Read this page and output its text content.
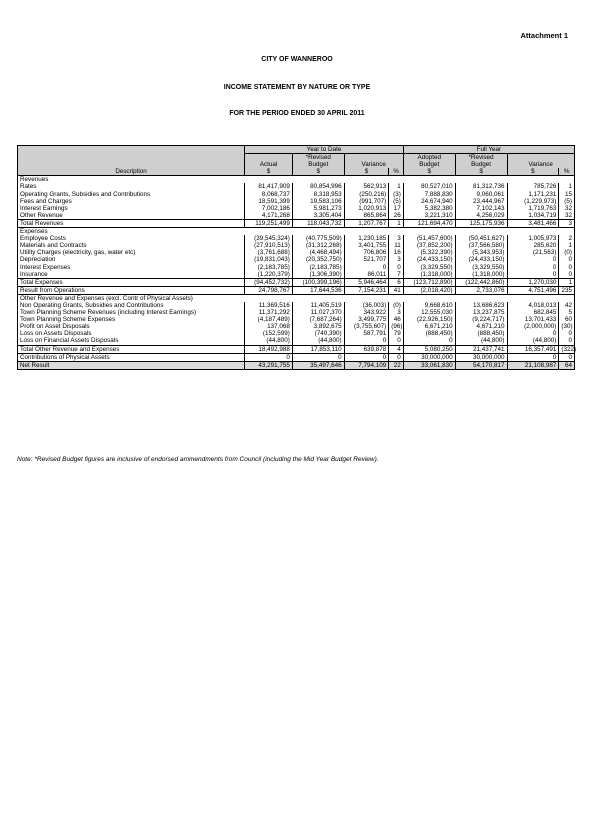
Attachment 1
CITY OF WANNEROO
INCOME STATEMENT BY NATURE OR TYPE
FOR THE PERIOD ENDED 30 APRIL 2011
Description	Year to Date				Full Year			
		*Revised			Adopted	*Revised		
	Actual	Budget	Variance		Budget	Budget	Variance	
	$	$	$	%	$	$	$	%
Revenues								
Rates	81,417,909	80,854,996	562,913	1	80,527,010	81,312,736	785,726	1
Operating Grants, Subsidies and Contributions	8,068,737	8,318,953	(250,216)	(3)	7,888,830	9,060,061	1,171,231	15
Fees and Charges	18,591,399	19,583,106	(991,707)	(5)	24,674,940	23,444,967	(1,229,973)	(5)
Interest Earnings	7,002,186	5,981,273	1,020,913	17	5,382,380	7,102,143	1,719,763	32
Other Revenue	4,171,268	3,305,404	865,864	26	3,221,310	4,256,029	1,034,719	32
Total Revenues	119,251,499	118,043,732	1,207,767	1	121,694,470	125,175,936	3,481,466	3
Expenses								
Employee Costs	(39,545,324)	(40,775,509)	1,230,185	3	(51,457,600)	(50,451,627)	1,005,973	2
Materials and Contracts	(27,910,513)	(31,312,268)	3,401,755	11	(37,852,200)	(37,566,580)	285,620	1
Utility Charges (electricity, gas, water etc)	(3,761,688)	(4,468,494)	706,806	16	(5,322,390)	(5,343,953)	(21,563)	(0)
Depreciation	(19,831,043)	(20,352,750)	521,707	3	(24,433,150)	(24,433,150)	0	0
Interest Expenses	(2,183,785)	(2,183,785)	0	0	(3,329,550)	(3,329,550)	0	0
Insurance	(1,220,379)	(1,306,390)	86,011	7	(1,318,000)	(1,318,000)	0	0
Total Expenses	(94,452,732)	(100,399,196)	5,946,464	6	(123,712,890)	(122,442,860)	1,270,030	1
Result from Operations	24,798,767	17,644,536	7,154,231	41	(2,018,420)	2,733,076	4,751,496	235
Other Revenue and Expenses (excl. Contr of Physical Assets)								
Non Operating Grants, Subsidies and Contributions	11,369,516	11,405,519	(36,003)	(0)	9,668,610	13,686,623	4,018,013	42
Town Planning Scheme Revenues (including Interest Earnings)	11,371,292	11,027,370	343,922	3	12,555,030	13,237,875	682,845	5
Town Planning Scheme Expenses	(4,187,489)	(7,687,264)	3,499,775	46	(22,926,150)	(9,224,717)	13,701,433	60
Profit on Asset Disposals	137,068	3,892,675	(3,755,607)	(96)	6,671,210	4,671,210	(2,000,000)	(30)
Loss on Assets Disposals	(152,599)	(740,390)	587,791	79	(888,450)	(888,450)	0	0
Loss on Financial Assets Disposals	(44,800)	(44,800)	0	0	0	(44,800)	(44,800)	0
Total Other Revenue and Expenses	18,492,988	17,853,110	639,878	4	5,080,250	21,437,741	16,357,491	(322)
Contributions of Physical Assets	0	0	0	0	30,000,000	30,000,000	0	0
Net Result	43,291,755	35,497,646	7,794,109	22	33,061,830	54,170,817	21,108,987	64
Note: *Revised Budget figures are inclusive of endorsed ammendments from Council (including the Mid Year Budget Review).
